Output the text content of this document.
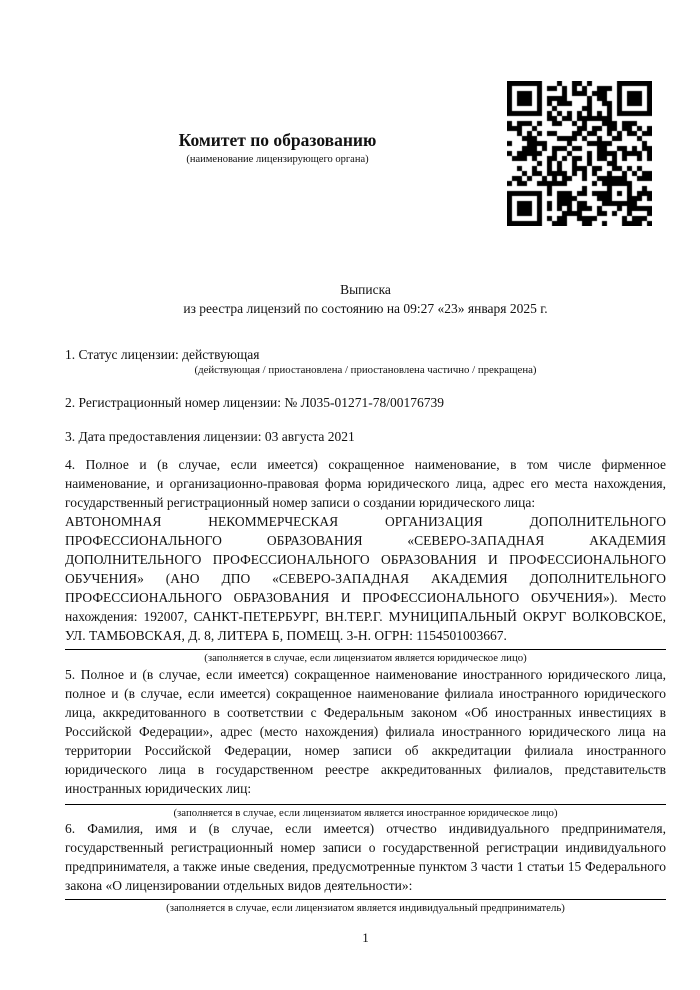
Комитет по образованию
(наименование лицензирующего органа)
Выписка
из реестра лицензий по состоянию на 09:27 «23» января 2025 г.
1. Статус лицензии: действующая
(действующая / приостановлена / приостановлена частично / прекращена)
2. Регистрационный номер лицензии: № Л035-01271-78/00176739
3. Дата предоставления лицензии: 03 августа 2021
4. Полное и (в случае, если имеется) сокращенное наименование, в том числе фирменное наименование, и организационно-правовая форма юридического лица, адрес его места нахождения, государственный регистрационный номер записи о создании юридического лица:
АВТОНОМНАЯ НЕКОММЕРЧЕСКАЯ ОРГАНИЗАЦИЯ ДОПОЛНИТЕЛЬНОГО ПРОФЕССИОНАЛЬНОГО ОБРАЗОВАНИЯ «СЕВЕРО-ЗАПАДНАЯ АКАДЕМИЯ ДОПОЛНИТЕЛЬНОГО ПРОФЕССИОНАЛЬНОГО ОБРАЗОВАНИЯ И ПРОФЕССИОНАЛЬНОГО ОБУЧЕНИЯ» (АНО ДПО «СЕВЕРО-ЗАПАДНАЯ АКАДЕМИЯ ДОПОЛНИТЕЛЬНОГО ПРОФЕССИОНАЛЬНОГО ОБРАЗОВАНИЯ И ПРОФЕССИОНАЛЬНОГО ОБУЧЕНИЯ»). Место нахождения: 192007, САНКТ-ПЕТЕРБУРГ, ВН.ТЕР.Г. МУНИЦИПАЛЬНЫЙ ОКРУГ ВОЛКОВСКОЕ, УЛ. ТАМБОВСКАЯ, Д. 8, ЛИТЕРА Б, ПОМЕЩ. 3-Н. ОГРН: 1154501003667.
(заполняется в случае, если лицензиатом является юридическое лицо)
5. Полное и (в случае, если имеется) сокращенное наименование иностранного юридического лица, полное и (в случае, если имеется) сокращенное наименование филиала иностранного юридического лица, аккредитованного в соответствии с Федеральным законом «Об иностранных инвестициях в Российской Федерации», адрес (место нахождения) филиала иностранного юридического лица на территории Российской Федерации, номер записи об аккредитации филиала иностранного юридического лица в государственном реестре аккредитованных филиалов, представительств иностранных юридических лиц:
(заполняется в случае, если лицензиатом является иностранное юридическое лицо)
6. Фамилия, имя и (в случае, если имеется) отчество индивидуального предпринимателя, государственный регистрационный номер записи о государственной регистрации индивидуального предпринимателя, а также иные сведения, предусмотренные пунктом 3 части 1 статьи 15 Федерального закона «О лицензировании отдельных видов деятельности»:
(заполняется в случае, если лицензиатом является индивидуальный предприниматель)
1
